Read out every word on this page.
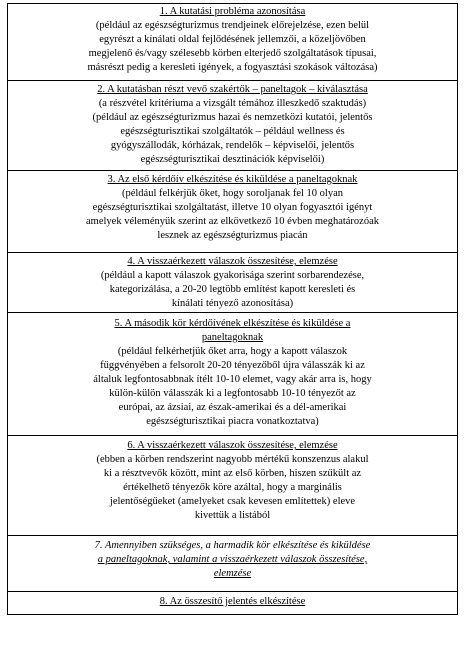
1. A kutatási probléma azonosítása
(például az egészségturizmus trendjeinek előrejelzése, ezen belül
egyrészt a kínálati oldal fejlődésének jellemzői, a közeljövőben
megjelenő és/vagy szélesebb körben elterjedő szolgáltatások típusai,
másrészt pedig a keresleti igények, a fogyasztási szokások változása)
2. A kutatásban részt vevő szakértők – paneltagok – kiválasztása
(a részvétel kritériuma a vizsgált témához illeszkedő szaktudás)
(például az egészségturizmus hazai és nemzetközi kutatói, jelentős
egészségturisztikai szolgáltatók – például wellness és
gyógyszállodák, kórházak, rendelők – képviselői, jelentős
egészségturisztikai desztinációk képviselői)
3. Az első kérdőív elkészítése és kiküldése a paneltagoknak
(például felkérjük őket, hogy soroljanak fel 10 olyan
egészségturisztikai szolgáltatást, illetve 10 olyan fogyasztói igényt
amelyek véleményük szerint az elkövetkező 10 évben meghatározóak
lesznek az egészségturizmus piacán
4. A visszaérkezett válaszok összesítése, elemzése
(például a kapott válaszok gyakorisága szerint sorbarendezése,
kategorizálása, a 20-20 legtöbb említést kapott keresleti és
kínálati tényező azonosítása)
5. A második kör kérdőívének elkészítése és kiküldése a
paneltagoknak
(például felkérhetjük őket arra, hogy a kapott válaszok
függvényében a felsorolt 20-20 tényezőből újra válasszák ki az
általuk legfontosabbnak ítélt 10-10 elemet, vagy akár arra is, hogy
külön-külön válasszák ki a legfontosabb 10-10 tényezőt az
európai, az ázsiai, az észak-amerikai és a dél-amerikai
egészségturisztikai piacra vonatkoztatva)
6. A visszaérkezett válaszok összesítése, elemzése
(ebben a körben rendszerint nagyobb mértékű konszenzus alakul
ki a résztvevők között, mint az első körben, hiszen szűkült az
értékelhető tényezők köre azáltal, hogy a marginális
jelentőségűeket (amelyeket csak kevesen említettek) eleve
kivettük a listából
7. Amennyiben szükséges, a harmadik kör elkészítése és kiküldése
a paneltagoknak, valamint a visszaérkezett válaszok összesítése,
elemzése
8. Az összesítő jelentés elkészítése
